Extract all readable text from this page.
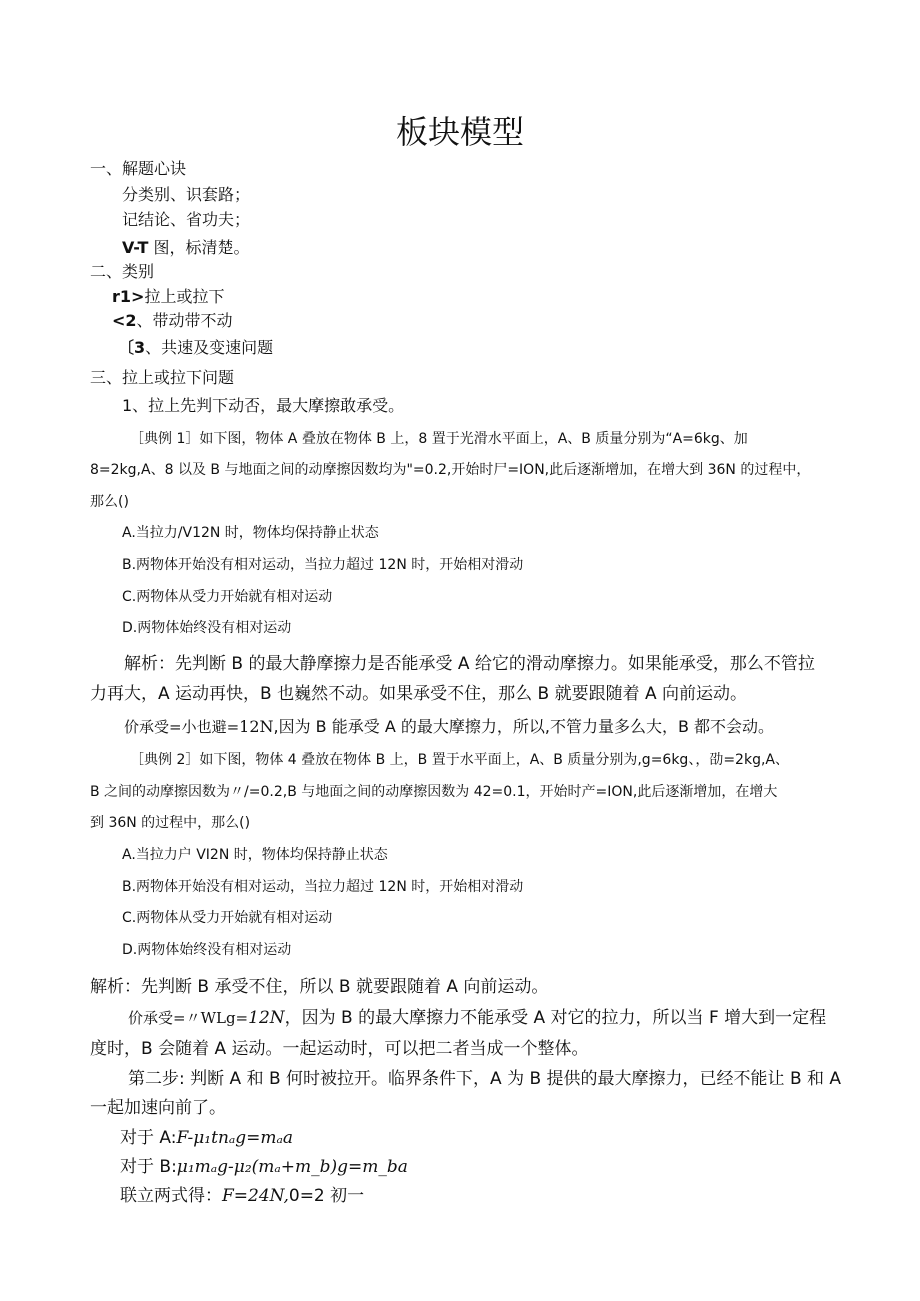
板块模型
一、解题心诀
分类别、识套路；
记结论、省功夫；
V-T 图，标清楚。
二、类别
r1>拉上或拉下
<2、带动带不动
〔3、共速及变速问题
三、拉上或拉下问题
1、拉上先判下动否，最大摩擦敢承受。
［典例 1］如下图，物体 A 叠放在物体 B 上，8 置于光滑水平面上，A、B 质量分别为“A=6kg、加
8=2kg,A、8 以及 B 与地面之间的动摩擦因数均为"=0.2,开始时尸=ION,此后逐渐增加，在增大到 36N 的过程中，
那么()
A.当拉力/V12N 时，物体均保持静止状态
B.两物体开始没有相对运动，当拉力超过 12N 时，开始相对滑动
C.两物体从受力开始就有相对运动
D.两物体始终没有相对运动
解析：先判断 B 的最大静摩擦力是否能承受 A 给它的滑动摩擦力。如果能承受，那么不管拉
力再大，A 运动再快，B 也巍然不动。如果承受不住，那么 B 就要跟随着 A 向前运动。
价承受=小也避=12N,因为 B 能承受 A 的最大摩擦力，所以,不管力量多么大，B 都不会动。
［典例 2］如下图，物体 4 叠放在物体 B 上，B 置于水平面上，A、B 质量分别为,g=6kg、，劭=2kg,A、
B 之间的动摩擦因数为〃/=0.2,B 与地面之间的动摩擦因数为 42=0.1，开始时产=ION,此后逐渐增加，在增大
到 36N 的过程中，那么()
A.当拉力户 VI2N 时，物体均保持静止状态
B.两物体开始没有相对运动，当拉力超过 12N 时，开始相对滑动
C.两物体从受力开始就有相对运动
D.两物体始终没有相对运动
解析：先判断 B 承受不住，所以 B 就要跟随着 A 向前运动。
价承受=〃WLg=12N，因为 B 的最大摩擦力不能承受 A 对它的拉力，所以当 F 增大到一定程
度时，B 会随着 A 运动。一起运动时，可以把二者当成一个整体。
第二步: 判断 A 和 B 何时被拉开。临界条件下，A 为 B 提供的最大摩擦力，已经不能让 B 和 A
一起加速向前了。
对于 A:F-μ₁tnₐg=mₐa
对于 B:μ₁mₐg-μ₂(mₐ+m_b)g=m_ba
联立两式得：F=24N,0=2 初一
